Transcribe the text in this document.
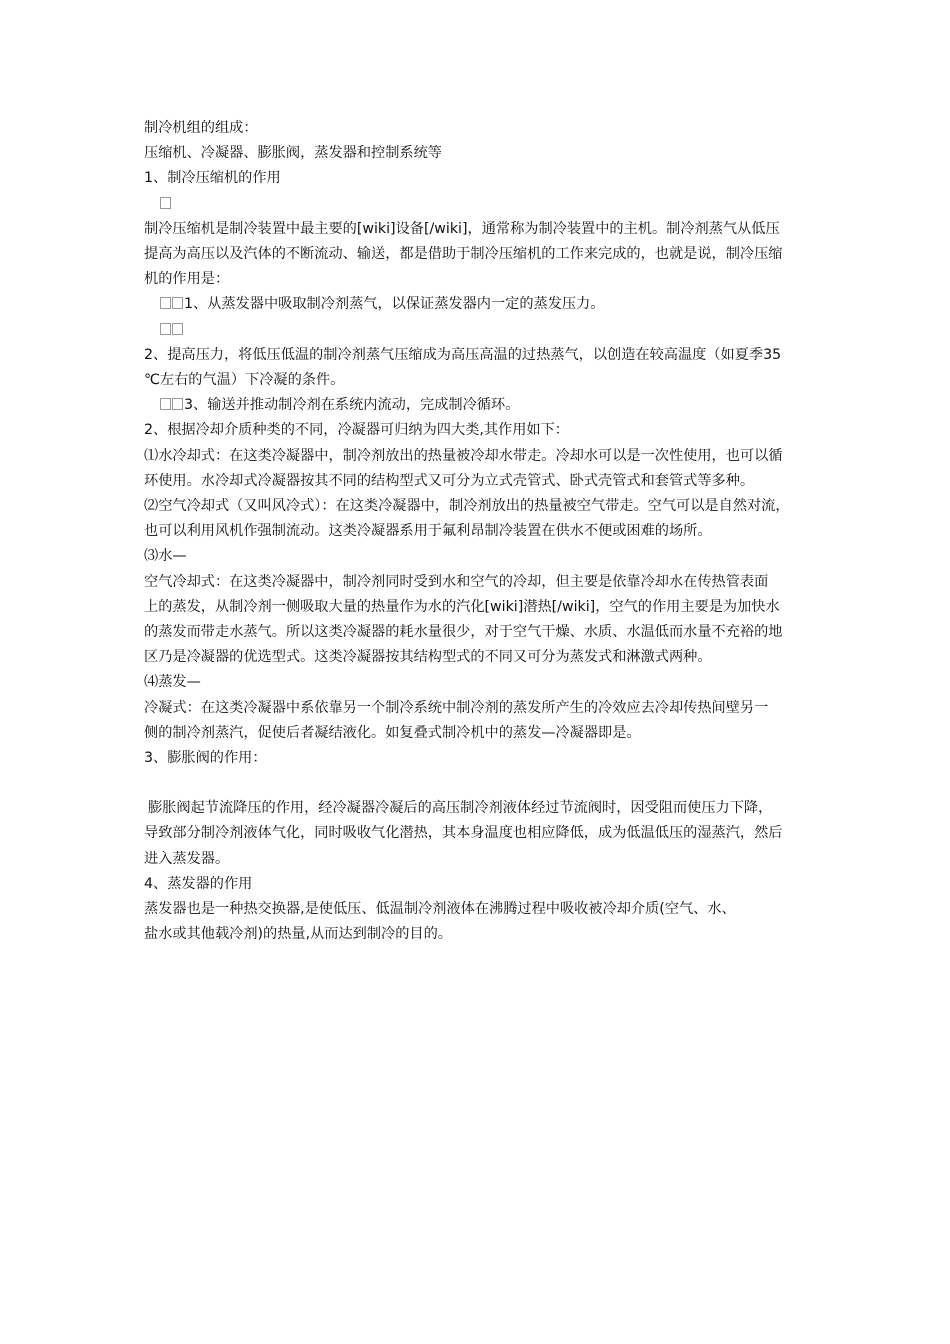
制冷机组的组成：
压缩机、冷凝器、膨胀阀，蒸发器和控制系统等
1、制冷压缩机的作用
制冷压缩机是制冷装置中最主要的[wiki]设备[/wiki]，通常称为制冷装置中的主机。制冷剂蒸气从低压
提高为高压以及汽体的不断流动、输送，都是借助于制冷压缩机的工作来完成的，也就是说，制冷压缩
机的作用是：
1、从蒸发器中吸取制冷剂蒸气，以保证蒸发器内一定的蒸发压力。
2、提高压力，将低压低温的制冷剂蒸气压缩成为高压高温的过热蒸气，以创造在较高温度（如夏季35
℃左右的气温）下冷凝的条件。
3、输送并推动制冷剂在系统内流动，完成制冷循环。
2、根据冷却介质种类的不同，冷凝器可归纳为四大类,其作用如下：
⑴水冷却式：在这类冷凝器中，制冷剂放出的热量被冷却水带走。冷却水可以是一次性使用，也可以循
环使用。水冷却式冷凝器按其不同的结构型式又可分为立式壳管式、卧式壳管式和套管式等多种。
⑵空气冷却式（又叫风冷式）：在这类冷凝器中，制冷剂放出的热量被空气带走。空气可以是自然对流，
也可以利用风机作强制流动。这类冷凝器系用于氟利昂制冷装置在供水不便或困难的场所。
⑶水—
空气冷却式：在这类冷凝器中，制冷剂同时受到水和空气的冷却，但主要是依靠冷却水在传热管表面
上的蒸发，从制冷剂一侧吸取大量的热量作为水的汽化[wiki]潜热[/wiki]，空气的作用主要是为加快水
的蒸发而带走水蒸气。所以这类冷凝器的耗水量很少，对于空气干燥、水质、水温低而水量不充裕的地
区乃是冷凝器的优选型式。这类冷凝器按其结构型式的不同又可分为蒸发式和淋激式两种。
⑷蒸发—
冷凝式：在这类冷凝器中系依靠另一个制冷系统中制冷剂的蒸发所产生的冷效应去冷却传热间壁另一
侧的制冷剂蒸汽，促使后者凝结液化。如复叠式制冷机中的蒸发—冷凝器即是。
3、膨胀阀的作用：
膨胀阀起节流降压的作用，经冷凝器冷凝后的高压制冷剂液体经过节流阀时，因受阻而使压力下降，
导致部分制冷剂液体气化，同时吸收气化潜热，其本身温度也相应降低，成为低温低压的湿蒸汽，然后
进入蒸发器。
4、蒸发器的作用
蒸发器也是一种热交换器,是使低压、低温制冷剂液体在沸腾过程中吸收被冷却介质(空气、水、
盐水或其他载冷剂)的热量,从而达到制冷的目的。
